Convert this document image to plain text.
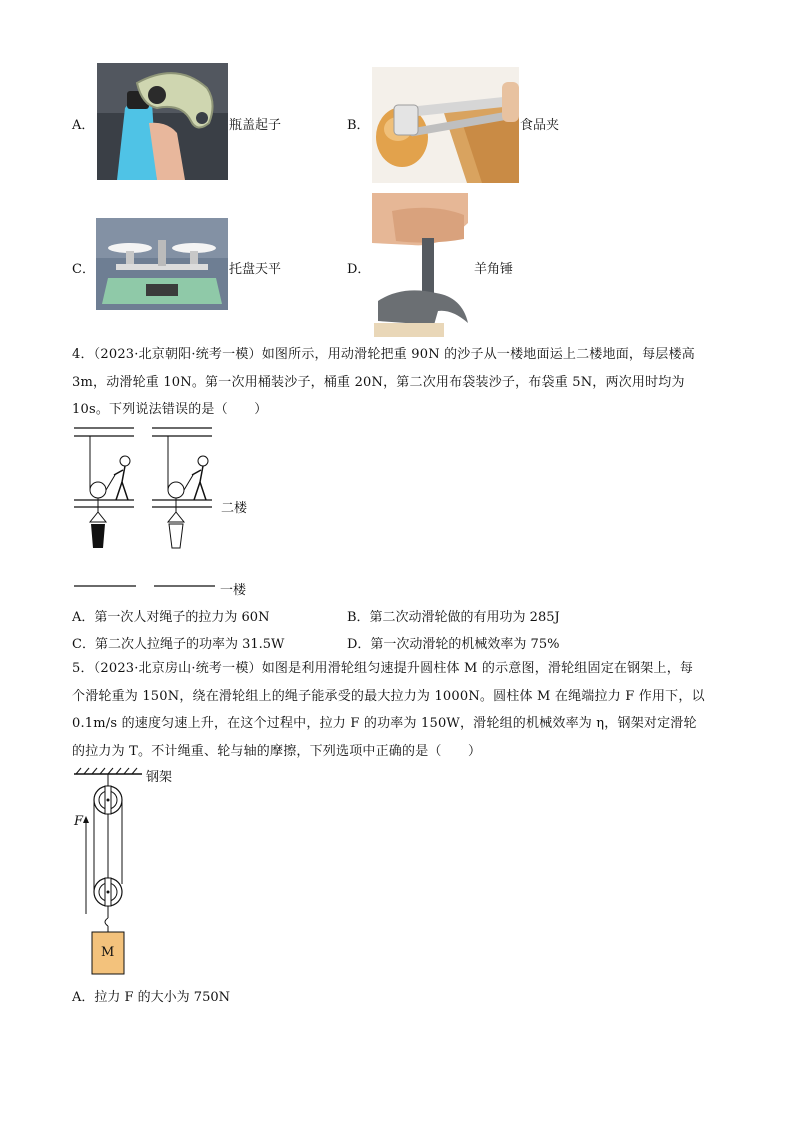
A．	瓶盖起子	B．	食品夹
C．	托盘天平	D．	羊角锤
4．（2023·北京朝阳·统考一模）如图所示，用动滑轮把重 90N 的沙子从一楼地面运上二楼地面，每层楼高
3m，动滑轮重 10N。第一次用桶装沙子，桶重 20N，第二次用布袋装沙子，布袋重 5N，两次用时均为
10s。下列说法错误的是（　　）
二楼
一楼
A．第一次人对绳子的拉力为 60N	B．第二次动滑轮做的有用功为 285J
C．第二次人拉绳子的功率为 31.5W	D．第一次动滑轮的机械效率为 75%
5．（2023·北京房山·统考一模）如图是利用滑轮组匀速提升圆柱体 M 的示意图，滑轮组固定在钢架上，每
个滑轮重为 150N，绕在滑轮组上的绳子能承受的最大拉力为 1000N。圆柱体 M 在绳端拉力 F 作用下，以
0.1m/s 的速度匀速上升，在这个过程中，拉力 F 的功率为 150W，滑轮组的机械效率为 η，钢架对定滑轮
的拉力为 T。不计绳重、轮与轴的摩擦，下列选项中正确的是（　　）
钢架
F
M
A．拉力 F 的大小为 750N
